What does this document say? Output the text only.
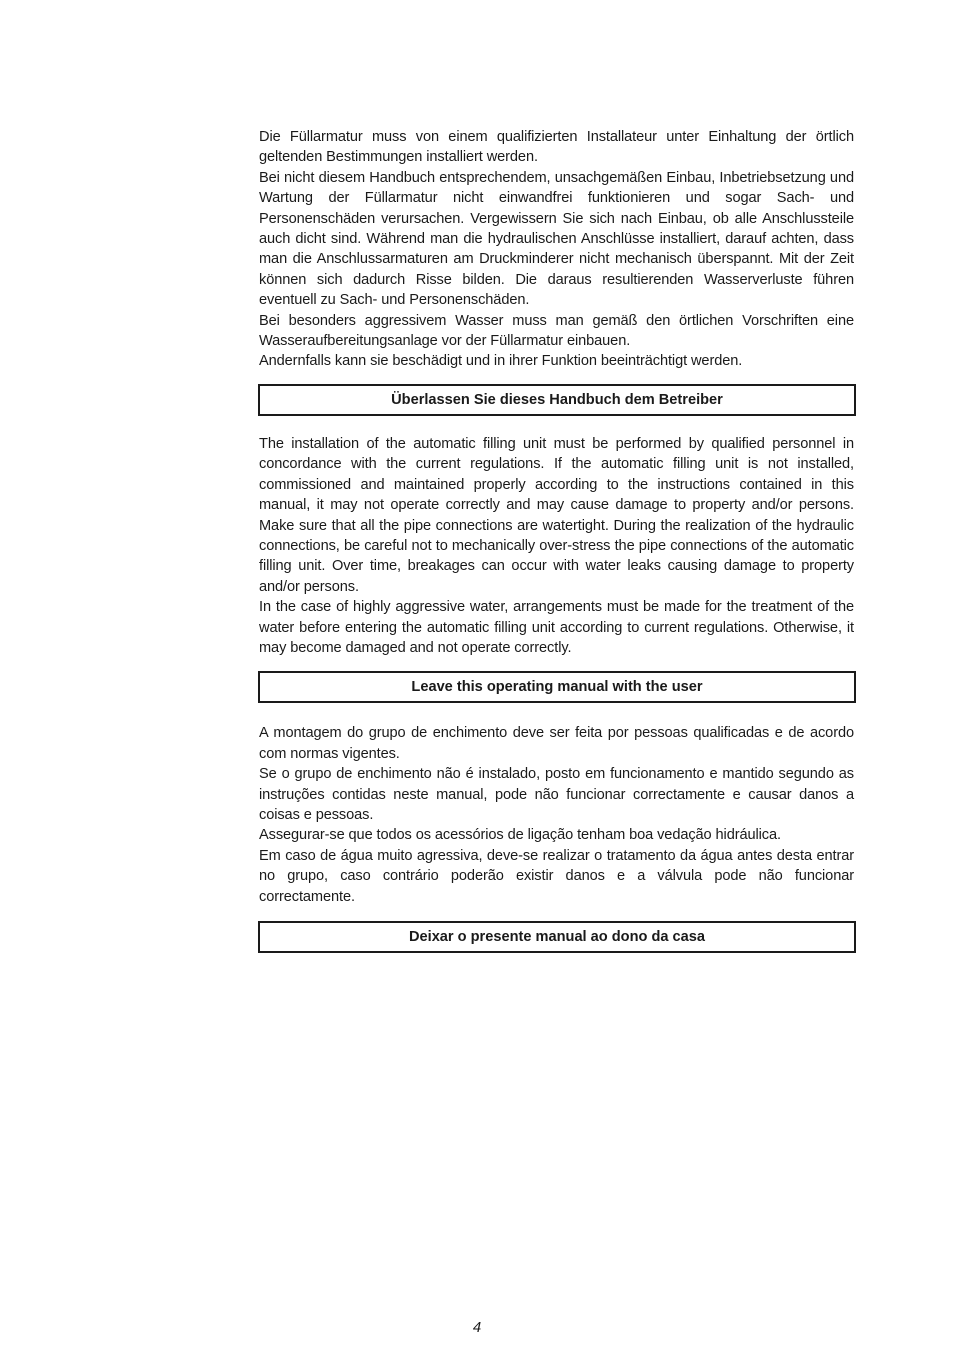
Die Füllarmatur muss von einem qualifizierten Installateur unter Einhaltung der örtlich geltenden Bestimmungen installiert werden.

Bei nicht diesem Handbuch entsprechendem, unsachgemäßen Einbau, Inbetriebsetzung und Wartung der Füllarmatur nicht einwandfrei funktionieren und sogar Sach- und Personenschäden verursachen. Vergewissern Sie sich nach Einbau, ob alle Anschlussteile auch dicht sind. Während man die hydraulischen Anschlüsse installiert, darauf achten, dass man die Anschlussarmaturen am Druckminderer nicht mechanisch überspannt. Mit der Zeit können sich dadurch Risse bilden. Die daraus resultierenden Wasserverluste führen eventuell zu Sach- und Personenschäden.

Bei besonders aggressivem Wasser muss man gemäß den örtlichen Vorschriften eine Wasseraufbereitungsanlage vor der Füllarmatur einbauen.

Andernfalls kann sie beschädigt und in ihrer Funktion beeinträchtigt werden.

Überlassen Sie dieses Handbuch dem Betreiber

The installation of the automatic filling unit must be performed by qualified personnel in concordance with the current regulations. If the automatic filling unit is not installed, commissioned and maintained properly according to the instructions contained in this manual, it may not operate correctly and may cause damage to property and/or persons. Make sure that all the pipe connections are watertight. During the realization of the hydraulic connections, be careful not to mechanically over-stress the pipe connections of the automatic filling unit. Over time, breakages can occur with water leaks causing damage to property and/or persons.

In the case of highly aggressive water, arrangements must be made for the treatment of the water before entering the automatic filling unit according to current regulations. Otherwise, it may become damaged and not operate correctly.

Leave this operating manual with the user

A montagem do grupo de enchimento deve ser feita por pessoas qualificadas e de acordo com normas vigentes.

Se o grupo de enchimento não é instalado, posto em funcionamento e mantido segundo as instruções contidas neste manual, pode não funcionar correctamente e causar danos a coisas e pessoas.

Assegurar-se que todos os acessórios de ligação tenham boa vedação hidráulica.

Em caso de água muito agressiva, deve-se realizar o tratamento da água antes desta entrar no grupo, caso contrário poderão existir danos e a válvula pode não funcionar correctamente.

Deixar o presente manual ao dono da casa
4
